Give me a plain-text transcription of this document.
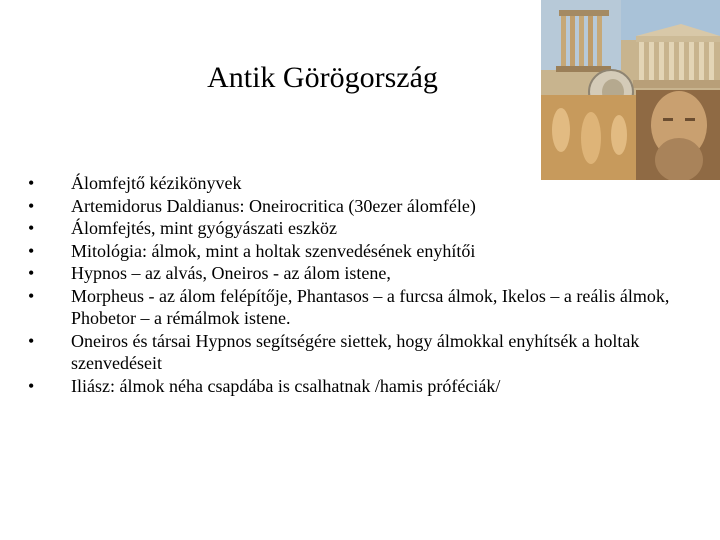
Antik Görögország
• Álomfejtő kézikönyvek
• Artemidorus Daldianus: Oneirocritica (30ezer álomféle)
• Álomfejtés, mint gyógyászati eszköz
• Mitológia: álmok, mint a holtak szenvedésének enyhítői
• Hypnos – az alvás, Oneiros - az álom istene,
• Morpheus - az álom felépítője, Phantasos – a furcsa álmok, Ikelos – a reális álmok, Phobetor – a rémálmok istene.
• Oneiros és társai Hypnos segítségére siettek, hogy álmokkal enyhítsék a holtak szenvedéseit
• Iliász: álmok néha csapdába is csalhatnak /hamis próféciák/
